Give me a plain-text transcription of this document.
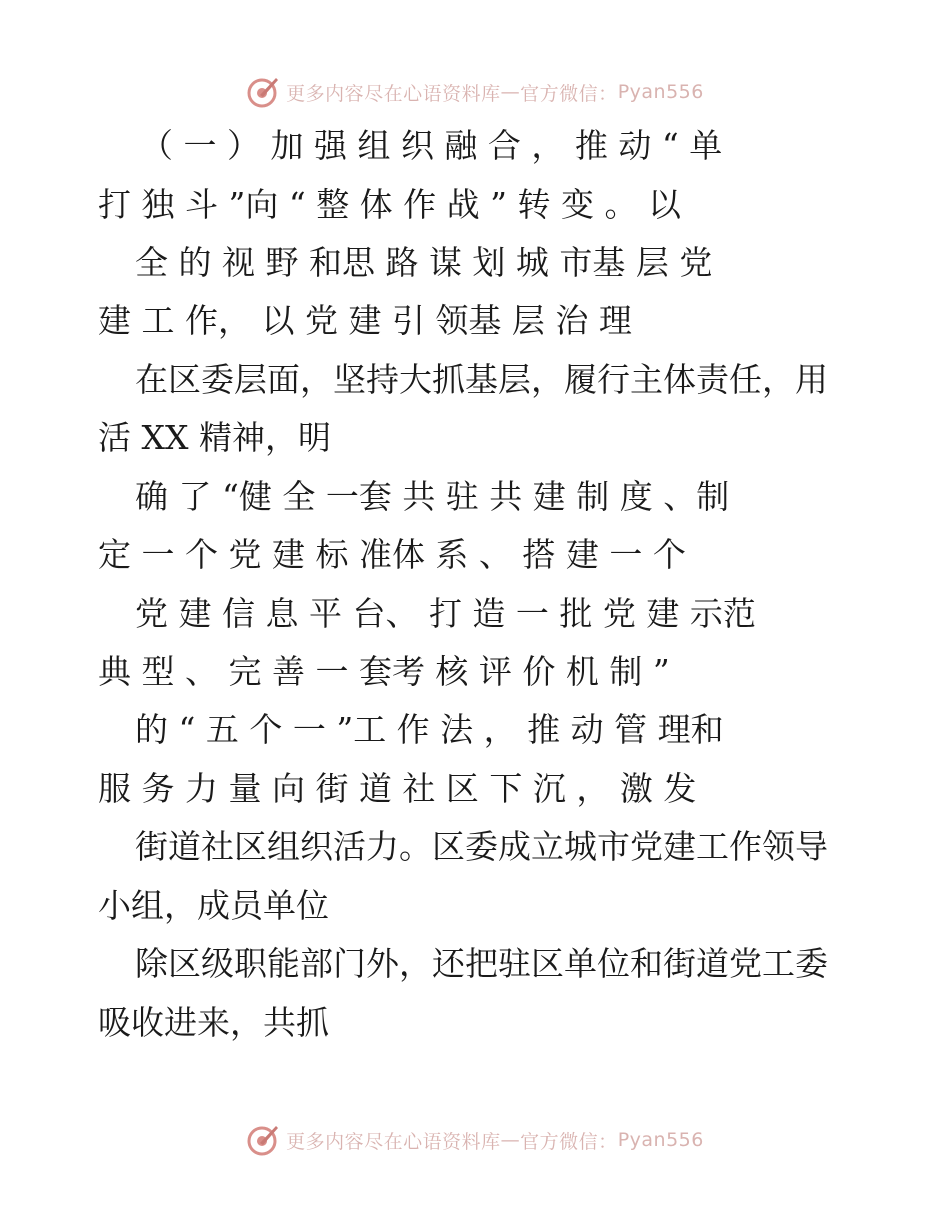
更多内容尽在心语资料库 — 官方微信： Pyan556
（ 一 ） 加 强 组 织 融 合 ， 推 动 “ 单
打 独 斗 ”向 “ 整 体 作 战 ” 转 变 。 以
全 的 视 野 和思 路 谋 划 城 市基 层 党
建 工 作， 以 党 建 引 领基 层 治 理
在区委层面，坚持大抓基层，履行主体责任，用
活 XX 精神，明
确 了 “健 全 一套 共 驻 共 建 制 度 、制
定 一 个 党 建 标 准体 系 、 搭 建 一 个
党 建 信 息 平 台、 打 造 一 批 党 建 示范
典 型 、 完 善 一 套考 核 评 价 机 制 ”
的 “ 五 个 一 ”工 作 法 ， 推 动 管 理和
服 务 力 量 向 街 道 社 区 下 沉 ， 激 发
街道社区组织活力。区委成立城市党建工作领导
小组，成员单位
除区级职能部门外，还把驻区单位和街道党工委
吸收进来，共抓
更多内容尽在心语资料库 — 官方微信： Pyan556
